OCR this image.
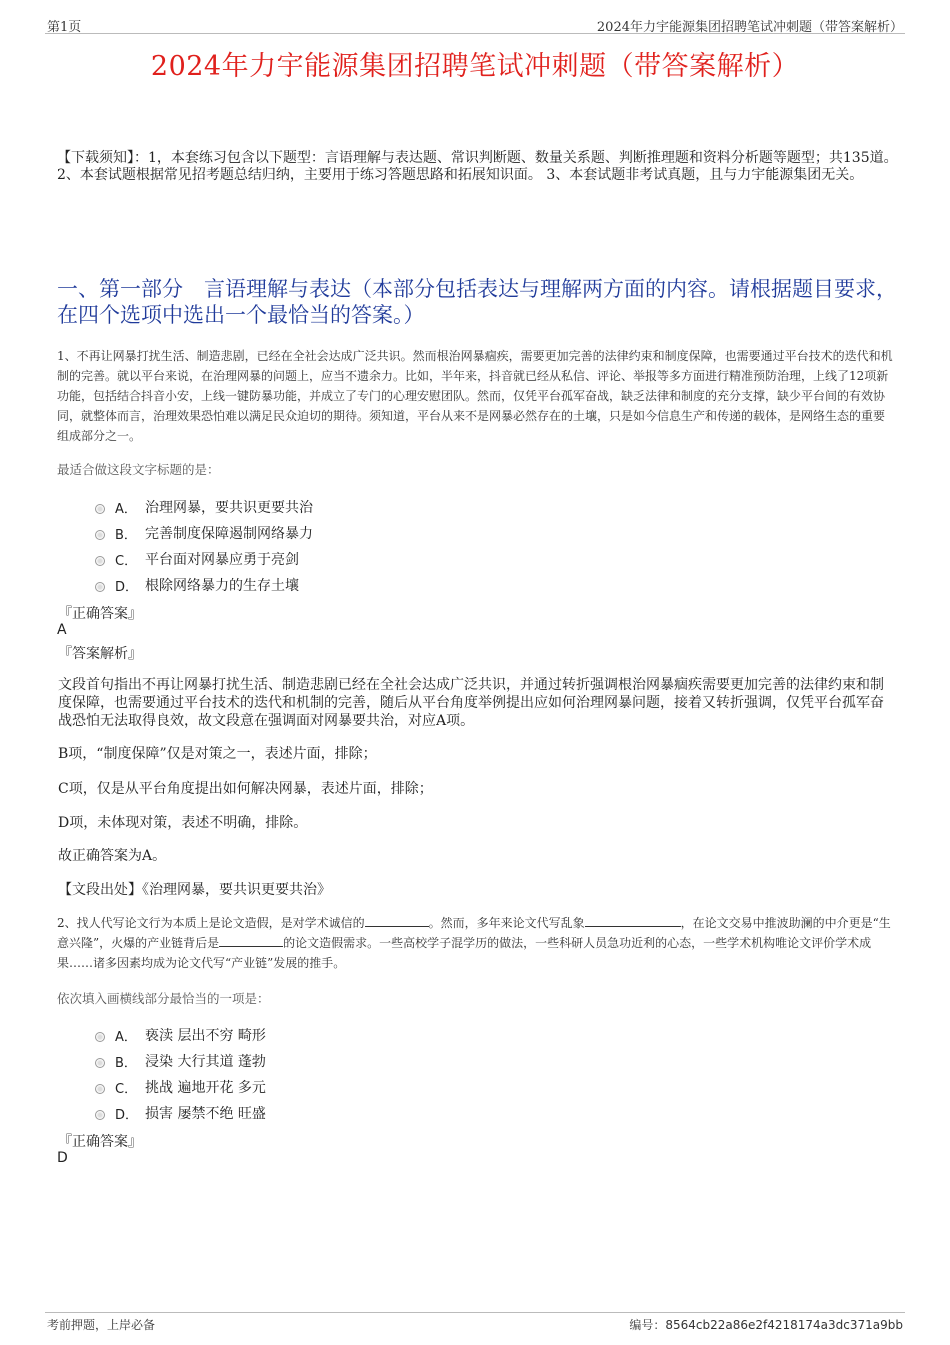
第1页	2024年力宇能源集团招聘笔试冲刺题（带答案解析）
2024年力宇能源集团招聘笔试冲刺题（带答案解析）
【下载须知】：1，本套练习包含以下题型：言语理解与表达题、常识判断题、数量关系题、判断推理题和资料分析题等题型；共135道。 2、本套试题根据常见招考题总结归纳，主要用于练习答题思路和拓展知识面。 3、本套试题非考试真题，且与力宇能源集团无关。
一、第一部分　言语理解与表达（本部分包括表达与理解两方面的内容。请根据题目要求，在四个选项中选出一个最恰当的答案。）
1、不再让网暴打扰生活、制造悲剧，已经在全社会达成广泛共识。然而根治网暴痼疾，需要更加完善的法律约束和制度保障，也需要通过平台技术的迭代和机制的完善。就以平台来说，在治理网暴的问题上，应当不遗余力。比如，半年来，抖音就已经从私信、评论、举报等多方面进行精准预防治理，上线了12项新功能，包括结合抖音小安，上线一键防暴功能，并成立了专门的心理安慰团队。然而，仅凭平台孤军奋战，缺乏法律和制度的充分支撑，缺少平台间的有效协同，就整体而言，治理效果恐怕难以满足民众迫切的期待。须知道，平台从来不是网暴必然存在的土壤，只是如今信息生产和传递的载体，是网络生态的重要组成部分之一。
最适合做这段文字标题的是：
A． 治理网暴，要共识更要共治
B． 完善制度保障遏制网络暴力
C． 平台面对网暴应勇于亮剑
D． 根除网络暴力的生存土壤
『正确答案』
A
『答案解析』
文段首句指出不再让网暴打扰生活、制造悲剧已经在全社会达成广泛共识，并通过转折强调根治网暴痼疾需要更加完善的法律约束和制度保障，也需要通过平台技术的迭代和机制的完善，随后从平台角度举例提出应如何治理网暴问题，接着又转折强调，仅凭平台孤军奋战恐怕无法取得良效，故文段意在强调面对网暴要共治，对应A项。
B项，“制度保障”仅是对策之一，表述片面，排除；
C项，仅是从平台角度提出如何解决网暴，表述片面，排除；
D项，未体现对策，表述不明确，排除。
故正确答案为A。
【文段出处】《治理网暴，要共识更要共治》
2、找人代写论文行为本质上是论文造假，是对学术诚信的	。然而，多年来论文代写乱象	，在论文交易中推波助澜的中介更是“生意兴隆”，火爆的产业链背后是	的论文造假需求。一些高校学子混学历的做法，一些科研人员急功近利的心态，一些学术机构唯论文评价学术成果……诸多因素均成为论文代写“产业链”发展的推手。
依次填入画横线部分最恰当的一项是：
A． 亵渎 层出不穷 畸形
B． 浸染 大行其道 蓬勃
C． 挑战 遍地开花 多元
D． 损害 屡禁不绝 旺盛
『正确答案』
D
考前押题，上岸必备	编号：8564cb22a86e2f4218174a3dc371a9bb
